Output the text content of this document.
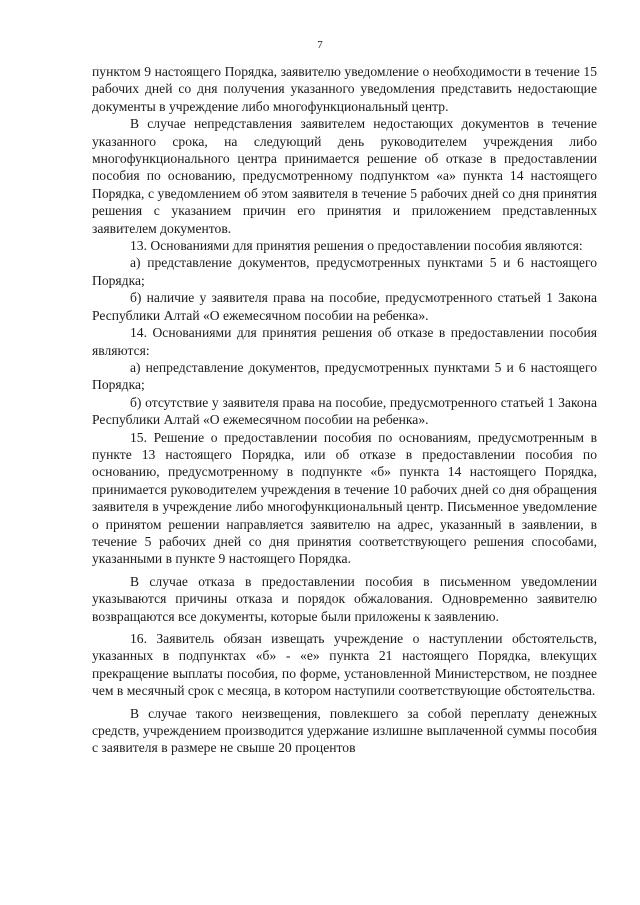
7

пунктом 9 настоящего Порядка, заявителю уведомление о необходимости в течение 15 рабочих дней со дня получения указанного уведомления представить недостающие документы в учреждение либо многофункциональный центр.

В случае непредставления заявителем недостающих документов в течение указанного срока, на следующий день руководителем учреждения либо многофункционального центра принимается решение об отказе в предоставлении пособия по основанию, предусмотренному подпунктом «а» пункта 14 настоящего Порядка, с уведомлением об этом заявителя в течение 5 рабочих дней со дня принятия решения с указанием причин его принятия и приложением представленных заявителем документов.

13. Основаниями для принятия решения о предоставлении пособия являются:

а) представление документов, предусмотренных пунктами 5 и 6 настоящего Порядка;

б) наличие у заявителя права на пособие, предусмотренного статьей 1 Закона Республики Алтай «О ежемесячном пособии на ребенка».

14. Основаниями для принятия решения об отказе в предоставлении пособия являются:

а) непредставление документов, предусмотренных пунктами 5 и 6 настоящего Порядка;

б) отсутствие у заявителя права на пособие, предусмотренного статьей 1 Закона Республики Алтай «О ежемесячном пособии на ребенка».

15. Решение о предоставлении пособия по основаниям, предусмотренным в пункте 13 настоящего Порядка, или об отказе в предоставлении пособия по основанию, предусмотренному в подпункте «б» пункта 14 настоящего Порядка, принимается руководителем учреждения в течение 10 рабочих дней со дня обращения заявителя в учреждение либо многофункциональный центр. Письменное уведомление о принятом решении направляется заявителю на адрес, указанный в заявлении, в течение 5 рабочих дней со дня принятия соответствующего решения способами, указанными в пункте 9 настоящего Порядка.

В случае отказа в предоставлении пособия в письменном уведомлении указываются причины отказа и порядок обжалования. Одновременно заявителю возвращаются все документы, которые были приложены к заявлению.

16. Заявитель обязан извещать учреждение о наступлении обстоятельств, указанных в подпунктах «б» - «е» пункта 21 настоящего Порядка, влекущих прекращение выплаты пособия, по форме, установленной Министерством, не позднее чем в месячный срок с месяца, в котором наступили соответствующие обстоятельства.

В случае такого неизвещения, повлекшего за собой переплату денежных средств, учреждением производится удержание излишне выплаченной суммы пособия с заявителя в размере не свыше 20 процентов
